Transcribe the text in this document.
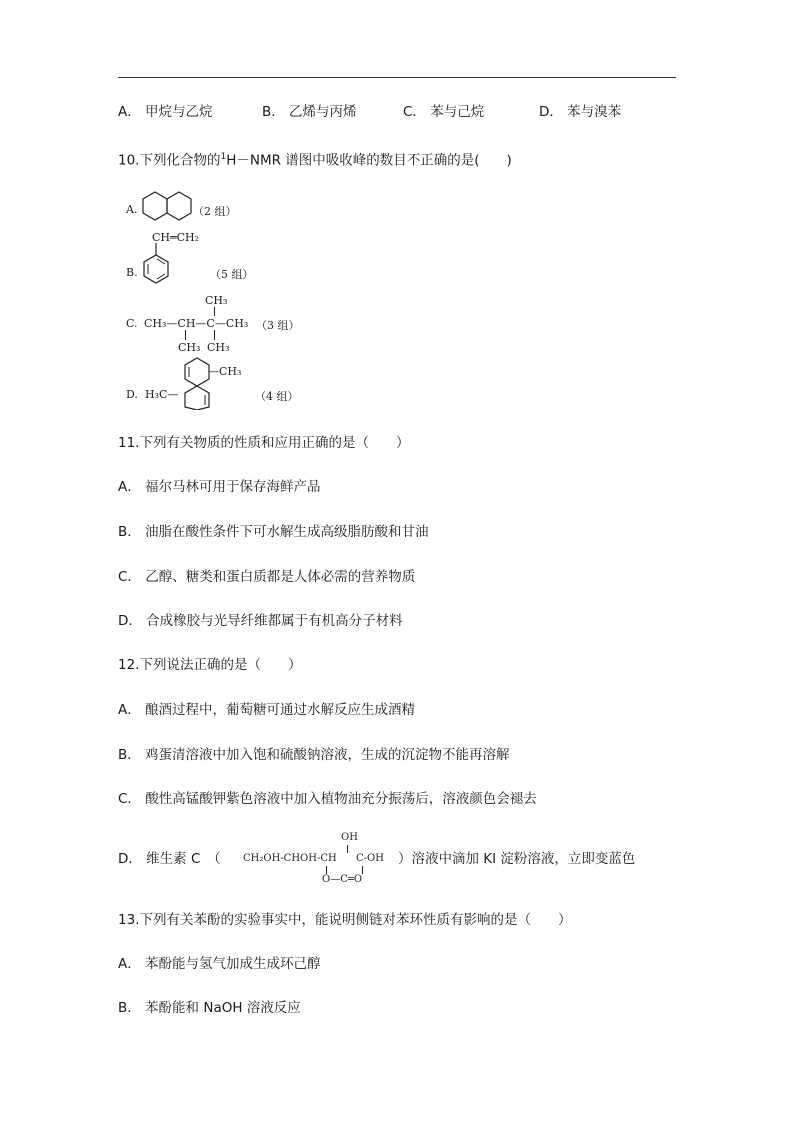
A． 甲烷与乙烷	B． 乙烯与丙烯	C． 苯与己烷	D． 苯与溴苯
10.下列化合物的$^1$H－NMR 谱图中吸收峰的数目不正确的是(　　)
A.	（2 组）
CH═CH₂
B.	（5 组）
CH₃
C. CH₃—CH—C—CH₃
CH₃ CH₃
（3 组）
D. H₃C—
—CH₃
（4 组）
11.下列有关物质的性质和应用正确的是（　　）
A． 福尔马林可用于保存海鲜产品
B． 油脂在酸性条件下可水解生成高级脂肪酸和甘油
C． 乙醇、糖类和蛋白质都是人体必需的营养物质
D． 合成橡胶与光导纤维都属于有机高分子材料
12.下列说法正确的是（　　）
A． 酿酒过程中，葡萄糖可通过水解反应生成酒精
B． 鸡蛋清溶液中加入饱和硫酸钠溶液，生成的沉淀物不能再溶解
C． 酸性高锰酸钾紫色溶液中加入植物油充分振荡后，溶液颜色会褪去
D． 维生素 C　（
OH
CH₂OH-CHOH-CH C-OH
O—C═O
）溶液中滴加 KI 淀粉溶液，立即变蓝色
13.下列有关苯酚的实验事实中，能说明侧链对苯环性质有影响的是（　　）
A． 苯酚能与氢气加成生成环己醇
B． 苯酚能和 NaOH 溶液反应
